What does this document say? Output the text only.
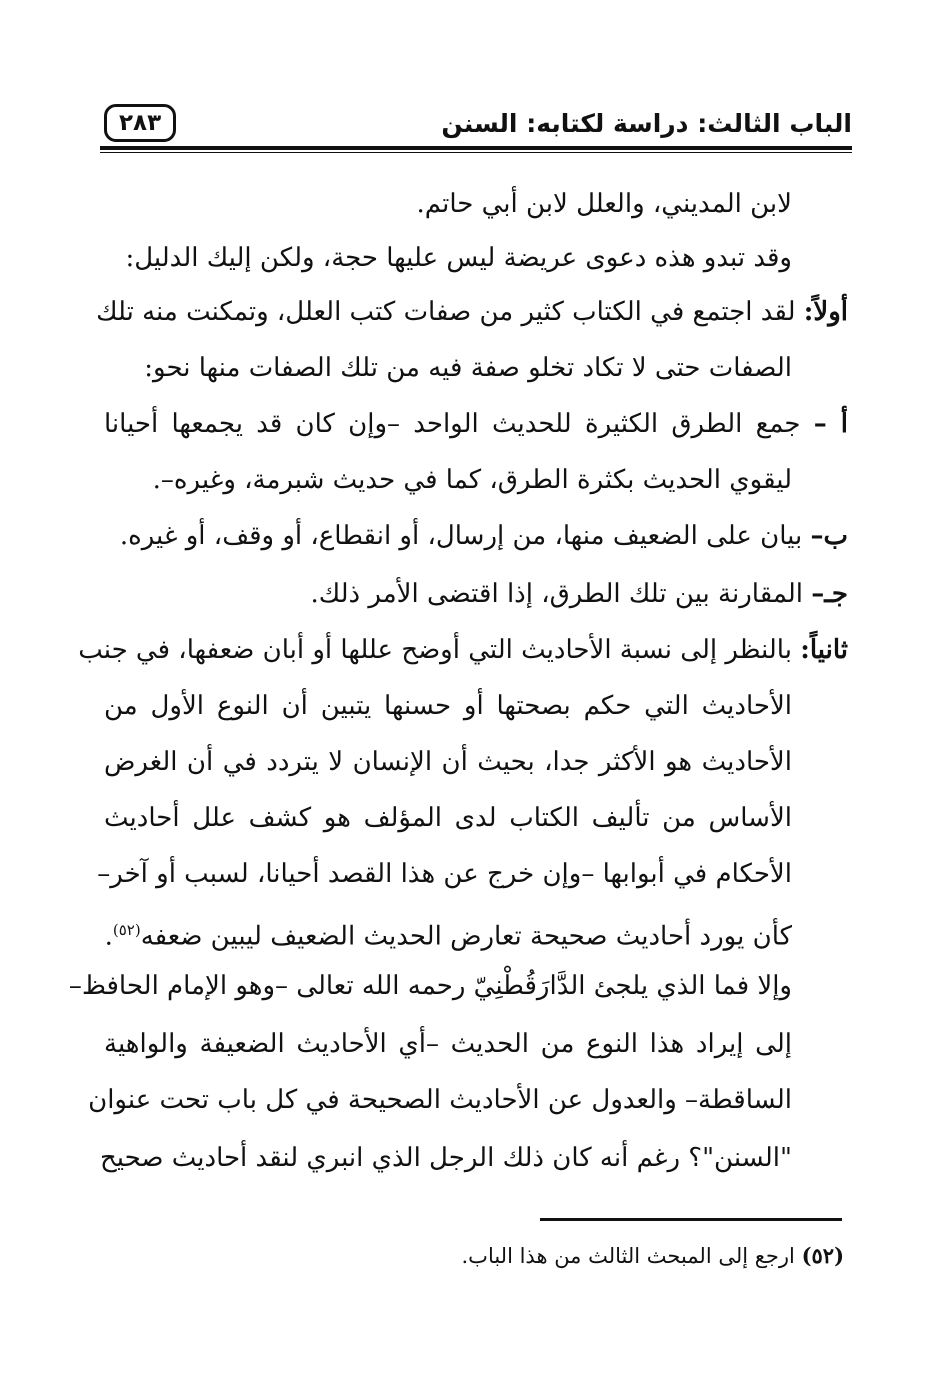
الباب الثالث: دراسة لكتابه: السنن
٢٨٣
لابن المديني، والعلل لابن أبي حاتم.
وقد تبدو هذه دعوى عريضة ليس عليها حجة، ولكن إليك الدليل:
أولاً: لقد اجتمع في الكتاب كثير من صفات كتب العلل، وتمكنت منه تلك
الصفات حتى لا تكاد تخلو صفة فيه من تلك الصفات منها نحو:
أ – جمع الطرق الكثيرة للحديث الواحد –وإن كان قد يجمعها أحيانا
ليقوي الحديث بكثرة الطرق، كما في حديث شبرمة، وغيره–.
ب– بيان على الضعيف منها، من إرسال، أو انقطاع، أو وقف، أو غيره.
جـ– المقارنة بين تلك الطرق، إذا اقتضى الأمر ذلك.
ثانياً: بالنظر إلى نسبة الأحاديث التي أوضح عللها أو أبان ضعفها، في جنب
الأحاديث التي حكم بصحتها أو حسنها يتبين أن النوع الأول من
الأحاديث هو الأكثر جدا، بحيث أن الإنسان لا يتردد في أن الغرض
الأساس من تأليف الكتاب لدى المؤلف هو كشف علل أحاديث
الأحكام في أبوابها –وإن خرج عن هذا القصد أحيانا، لسبب أو آخر–
كأن يورد أحاديث صحيحة تعارض الحديث الضعيف ليبين ضعفه$^{(٥٢)}$.
وإلا فما الذي يلجئ الدَّارَقُطْنِيّ رحمه الله تعالى –وهو الإمام الحافظ–
إلى إيراد هذا النوع من الحديث –أي الأحاديث الضعيفة والواهية
الساقطة– والعدول عن الأحاديث الصحيحة في كل باب تحت عنوان
"السنن"؟ رغم أنه كان ذلك الرجل الذي انبري لنقد أحاديث صحيح
(٥٢) ارجع إلى المبحث الثالث من هذا الباب.
